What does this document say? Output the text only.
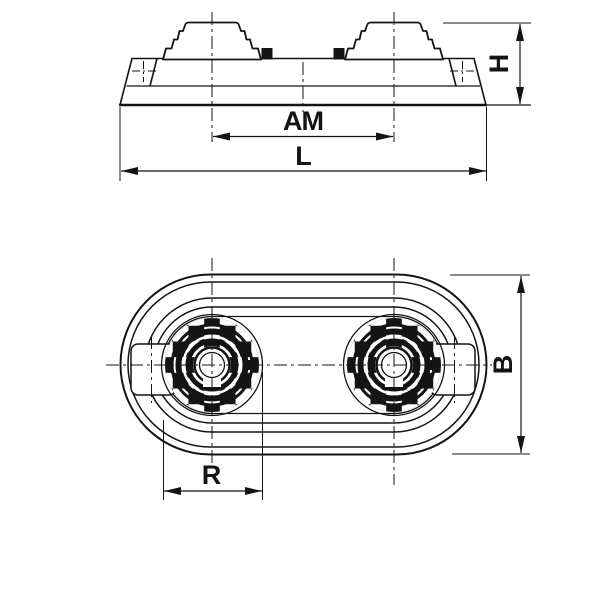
AM
L
H
B
R
